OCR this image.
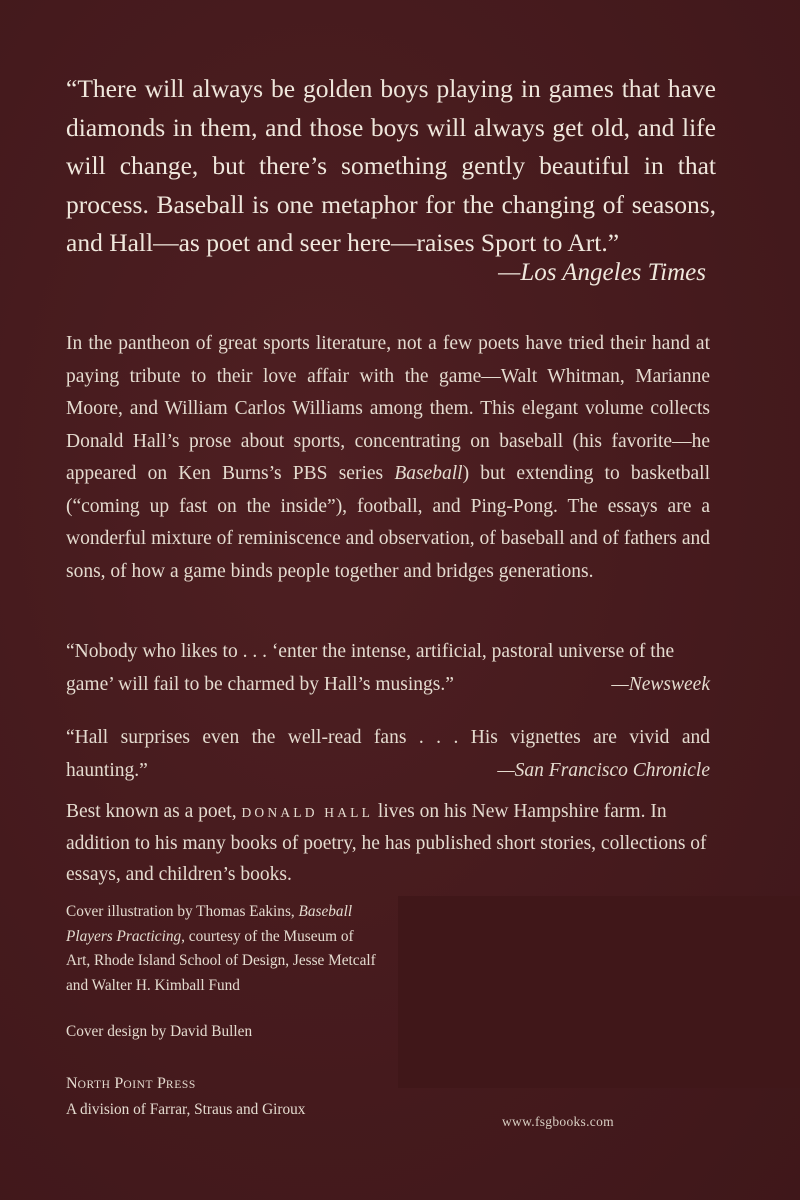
“There will always be golden boys playing in games that have diamonds in them, and those boys will always get old, and life will change, but there’s something gently beautiful in that process. Baseball is one metaphor for the changing of seasons, and Hall—as poet and seer here—raises Sport to Art.”
—Los Angeles Times
In the pantheon of great sports literature, not a few poets have tried their hand at paying tribute to their love affair with the game—Walt Whitman, Marianne Moore, and William Carlos Williams among them. This elegant volume collects Donald Hall’s prose about sports, concentrating on baseball (his favorite—he appeared on Ken Burns’s PBS series Baseball) but extending to basketball (“coming up fast on the inside”), football, and Ping-Pong. The essays are a wonderful mixture of reminiscence and observation, of baseball and of fathers and sons, of how a game binds people together and bridges generations.
“Nobody who likes to . . . ‘enter the intense, artificial, pastoral universe of the game’ will fail to be charmed by Hall’s musings.”	—Newsweek
“Hall surprises even the well-read fans . . . His vignettes are vivid and
haunting.”	—San Francisco Chronicle
Best known as a poet, DONALD HALL lives on his New Hampshire farm. In addition to his many books of poetry, he has published short stories, collections of essays, and children’s books.
Cover illustration by Thomas Eakins, Baseball Players Practicing, courtesy of the Museum of Art, Rhode Island School of Design, Jesse Metcalf and Walter H. Kimball Fund
Cover design by David Bullen
NORTH POINT PRESS
A division of Farrar, Straus and Giroux
www.fsgbooks.com
